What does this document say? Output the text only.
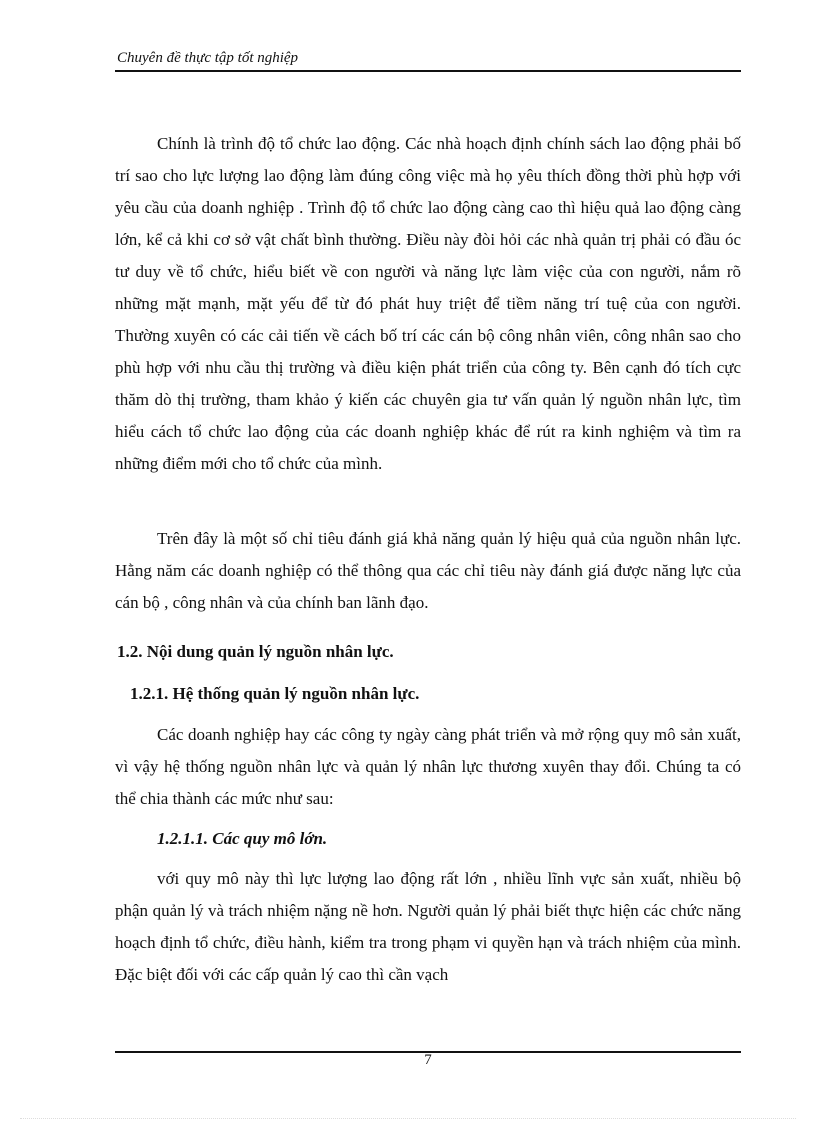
Chuyên đề thực tập tốt nghiệp

Chính là trình độ tổ chức lao động. Các nhà hoạch định chính sách lao động phải bố trí sao cho lực lượng lao động làm đúng công việc mà họ yêu thích đồng thời phù hợp với yêu cầu của doanh nghiệp . Trình độ tổ chức lao động càng cao thì hiệu quả lao động càng lớn, kể cả khi cơ sở vật chất bình thường. Điều này đòi hỏi các nhà quản trị phải có đầu óc tư duy về tổ chức, hiểu biết về con người và năng lực làm việc của con người, nắm rõ những mặt mạnh, mặt yếu để từ đó phát huy triệt để tiềm năng trí tuệ của con người. Thường xuyên có các cải tiến về cách bố trí các cán bộ công nhân viên, công nhân sao cho phù hợp với nhu cầu thị trường và điều kiện phát triển của công ty. Bên cạnh đó tích cực thăm dò thị trường, tham khảo ý kiến các chuyên gia tư vấn quản lý nguồn nhân lực, tìm hiểu cách tổ chức lao động của các doanh nghiệp khác để rút ra kinh nghiệm và tìm ra những điểm mới cho tổ chức của mình.

Trên đây là một số chỉ tiêu đánh giá khả năng quản lý hiệu quả của nguồn nhân lực. Hằng năm các doanh nghiệp có thể thông qua các chỉ tiêu này đánh giá được năng lực của cán bộ , công nhân và của chính ban lãnh đạo.

1.2. Nội dung quản lý nguồn nhân lực.
1.2.1. Hệ thống quản lý nguồn nhân lực.

Các doanh nghiệp hay các công ty ngày càng phát triển và mở rộng quy mô sản xuất, vì vậy hệ thống nguồn nhân lực và quản lý nhân lực thương xuyên thay đổi. Chúng ta có thể chia thành các mức như sau:

1.2.1.1. Các quy mô lớn.

với quy mô này thì lực lượng lao động rất lớn , nhiều lĩnh vực sản xuất, nhiều bộ phận quản lý và trách nhiệm nặng nề hơn. Người quản lý phải biết thực hiện các chức năng hoạch định tổ chức, điều hành, kiểm tra trong phạm vi quyền hạn và trách nhiệm của mình. Đặc biệt đối với các cấp quản lý cao thì cần vạch

7
